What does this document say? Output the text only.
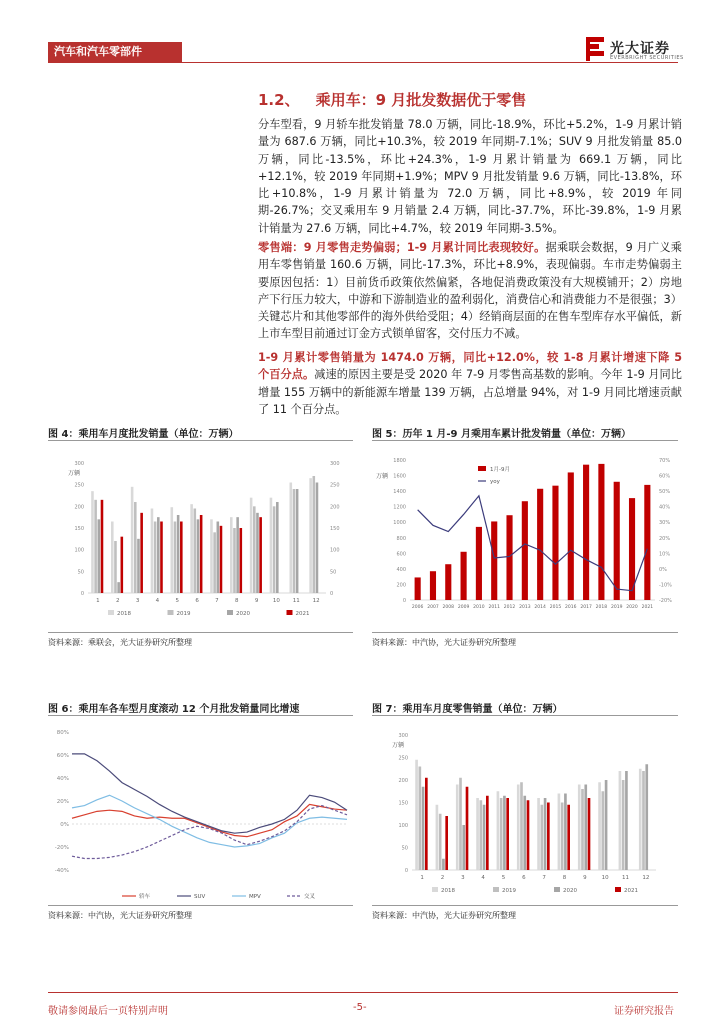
汽车和汽车零部件	光大证券
EVERBRIGHT SECURITIES
1.2、 乘用车：9 月批发数据优于零售

分车型看，9 月轿车批发销量 78.0 万辆，同比-18.9%，环比+5.2%，1-9 月累计销量为 687.6 万辆，同比+10.3%，较 2019 年同期-7.1%；SUV 9 月批发销量 85.0 万辆，同比-13.5%，环比+24.3%，1-9 月累计销量为 669.1 万辆，同比+12.1%，较 2019 年同期+1.9%；MPV 9 月批发销量 9.6 万辆，同比-13.8%，环比+10.8%，1-9 月累计销量为 72.0 万辆，同比+8.9%，较 2019 年同期-26.7%；交叉乘用车 9 月销量 2.4 万辆，同比-37.7%，环比-39.8%，1-9 月累计销量为 27.6 万辆，同比+4.7%，较 2019 年同期-3.5%。

零售端：9 月零售走势偏弱；1-9 月累计同比表现较好。据乘联会数据，9 月广义乘用车零售销量 160.6 万辆，同比-17.3%，环比+8.9%，表现偏弱。车市走势偏弱主要原因包括：1）目前货币政策依然偏紧，各地促消费政策没有大规模铺开；2）房地产下行压力较大，中游和下游制造业的盈利弱化，消费信心和消费能力不是很强；3）关键芯片和其他零部件的海外供给受阻；4）经销商层面的在售车型库存水平偏低，新上市车型目前通过订金方式锁单留客，交付压力不减。

1-9 月累计零售销量为 1474.0 万辆，同比+12.0%，较 1-8 月累计增速下降 5 个百分点。减速的原因主要是受 2020 年 7-9 月零售高基数的影响。今年 1-9 月同比增量 155 万辆中的新能源车增量 139 万辆，占总增量 94%，对 1-9 月同比增速贡献了 11 个百分点。

图 4：乘用车月度批发销量（单位：万辆）
0	0
50	50
100	100
150	150
200	200
250	250
300	300
万辆
1	2	3	4	5	6	7	8	9	10 11 12
2018	2019	2020	2021
资料来源：乘联会，光大证券研究所整理
图 5：历年 1 月-9 月乘用车累计批发销量（单位：万辆）
0
200
400
600
800
1000
1200
1400
1600
1800
-20%
-10%
0%
10%
20%
30%
40%
50%
60%
70%
万辆
2006 2007 2008 2009 2010 2011 2012 2013 2014 2015 2016 2017 2018 2019 2020 2021
1月-9月
yoy
资料来源：中汽协，光大证券研究所整理
图 6：乘用车各车型月度滚动 12 个月批发销量同比增速
80%
60%
40%
20%
0%
-20%
-40%
轿车	SUV	MPV	交叉
资料来源：中汽协，光大证券研究所整理
图 7：乘用车月度零售销量（单位：万辆）
0
50
100
150
200
250
300
万辆
1	2	3	4	5	6	7	8	9	10 11 12
2018	2019	2020	2021
资料来源：中汽协，光大证券研究所整理
敬请参阅最后一页特别声明	-5-	证券研究报告
